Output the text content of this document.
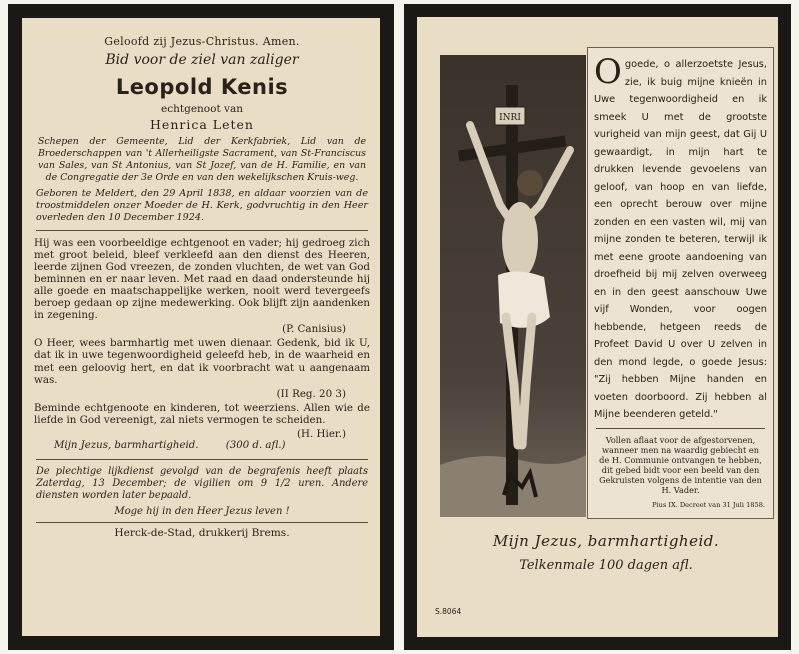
Geloofd zij Jezus-Christus. Amen.
Bid voor de ziel van zaliger
Leopold Kenis
echtgenoot van
Henrica Leten
Schepen der Gemeente, Lid der Kerkfabriek, Lid van de Broederschappen van 't Allerheiligste Sacrament, van St-Franciscus van Sales, van St Antonius, van St Jozef, van de H. Familie, en van de Congregatie der 3e Orde en van den wekelijkschen Kruis-weg.
Geboren te Meldert, den 29 April 1838, en aldaar voorzien van de troostmiddelen onzer Moeder de H. Kerk, godvruchtig in den Heer overleden den 10 December 1924.
Hij was een voorbeeldige echtgenoot en vader; hij gedroeg zich met groot beleid, bleef verkleefd aan den dienst des Heeren, leerde zijnen God vreezen, de zonden vluchten, de wet van God beminnen en er naar leven. Met raad en daad ondersteunde hij alle goede en maatschappelijke werken, nooit werd tevergeefs beroep gedaan op zijne medewerking. Ook blijft zijn aandenken in zegening.
(P. Canisius)
O Heer, wees barmhartig met uwen dienaar. Gedenk, bid ik U, dat ik in uwe tegenwoordigheid geleefd heb, in de waarheid en met een geloovig hert, en dat ik voorbracht wat u aangenaam was.
(II Reg. 20 3)
Beminde echtgenoote en kinderen, tot weerziens. Allen wie de liefde in God vereenigt, zal niets vermogen te scheiden.
(H. Hier.)
Mijn Jezus, barmhartigheid.	(300 d. afl.)
De plechtige lijkdienst gevolgd van de begrafenis heeft plaats Zaterdag, 13 December; de vigilien om 9 1/2 uren. Andere diensten worden later bepaald.
Moge hij in den Heer Jezus leven !
Herck-de-Stad, drukkerij Brems.
INRI
O goede, o allerzoetste Jesus, zie, ik buig mijne knieën in Uwe tegenwoordigheid en ik smeek U met de grootste vurigheid van mijn geest, dat Gij U gewaardigt, in mijn hart te drukken levende gevoelens van geloof, van hoop en van liefde, een oprecht berouw over mijne zonden en een vasten wil, mij van mijne zonden te beteren, terwijl ik met eene groote aandoening van droefheid bij mij zelven overweeg en in den geest aanschouw Uwe vijf Wonden, voor oogen hebbende, hetgeen reeds de Profeet David U over U zelven in den mond legde, o goede Jesus: "Zij hebben Mijne handen en voeten doorboord. Zij hebben al Mijne beenderen geteld."
Vollen aflaat voor de afgestorvenen, wanneer men na waardig gebiecht en de H. Communie ontvangen te hebben, dit gebed bidt voor een beeld van den Gekruisten volgens de intentie van den H. Vader.
Pius IX. Decreet van 31 Juli 1858.
Mijn Jezus, barmhartigheid.
Telkenmale 100 dagen afl.
S.8064
